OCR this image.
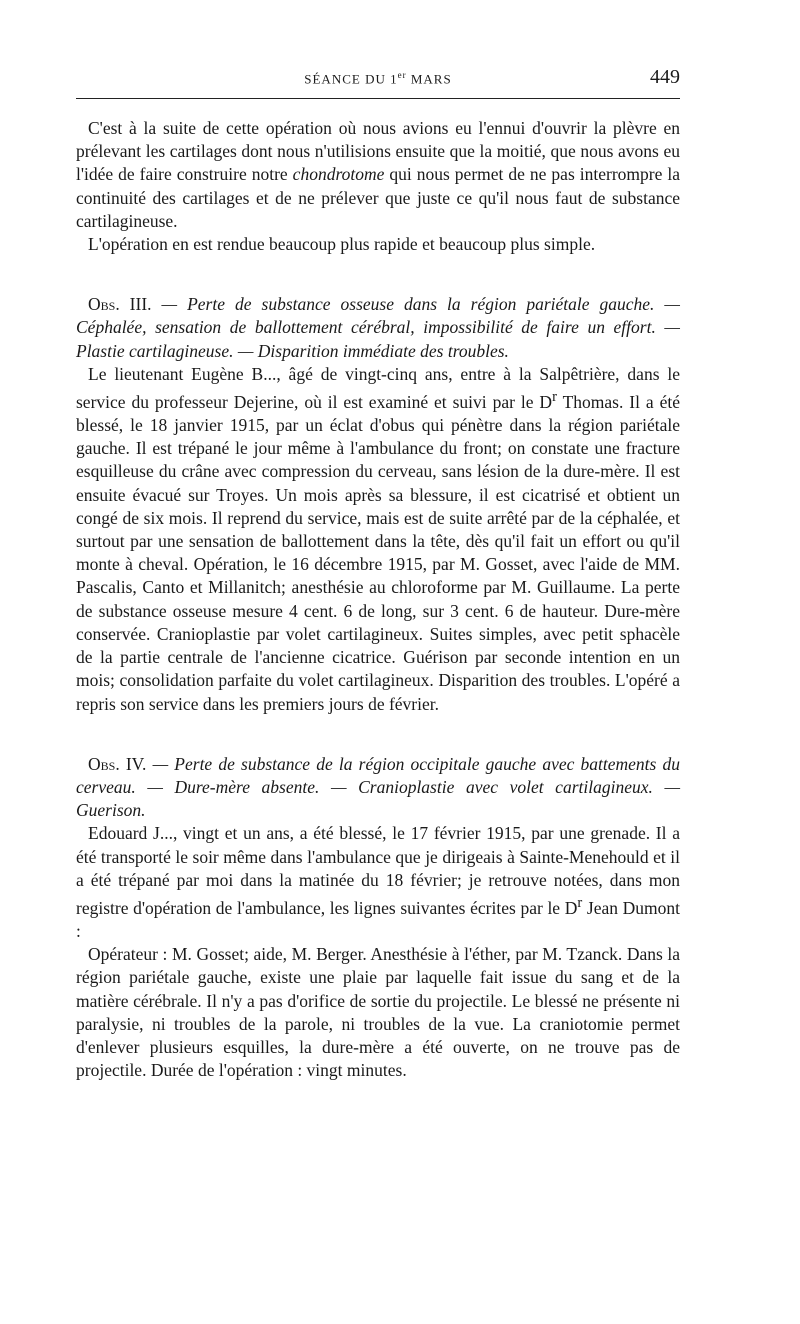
SÉANCE DU 1er MARS	449

C'est à la suite de cette opération où nous avions eu l'ennui d'ouvrir la plèvre en prélevant les cartilages dont nous n'utilisions ensuite que la moitié, que nous avons eu l'idée de faire construire notre chondrotome qui nous permet de ne pas interrompre la continuité des cartilages et de ne prélever que juste ce qu'il nous faut de substance cartilagineuse.

L'opération en est rendue beaucoup plus rapide et beaucoup plus simple.

Obs. III. — Perte de substance osseuse dans la région pariétale gauche. — Céphalée, sensation de ballottement cérébral, impossibilité de faire un effort. — Plastie cartilagineuse. — Disparition immédiate des troubles.

Le lieutenant Eugène B..., âgé de vingt-cinq ans, entre à la Salpêtrière, dans le service du professeur Dejerine, où il est examiné et suivi par le $D^r$ Thomas. Il a été blessé, le 18 janvier 1915, par un éclat d'obus qui pénètre dans la région pariétale gauche. Il est trépané le jour même à l'ambulance du front; on constate une fracture esquilleuse du crâne avec compression du cerveau, sans lésion de la dure-mère. Il est ensuite évacué sur Troyes. Un mois après sa blessure, il est cicatrisé et obtient un congé de six mois. Il reprend du service, mais est de suite arrêté par de la céphalée, et surtout par une sensation de ballottement dans la tête, dès qu'il fait un effort ou qu'il monte à cheval. Opération, le 16 décembre 1915, par M. Gosset, avec l'aide de MM. Pascalis, Canto et Millanitch; anesthésie au chloroforme par M. Guillaume. La perte de substance osseuse mesure 4 cent. 6 de long, sur 3 cent. 6 de hauteur. Dure-mère conservée. Cranioplastie par volet cartilagineux. Suites simples, avec petit sphacèle de la partie centrale de l'ancienne cicatrice. Guérison par seconde intention en un mois; consolidation parfaite du volet cartilagineux. Disparition des troubles. L'opéré a repris son service dans les premiers jours de février.

Obs. IV. — Perte de substance de la région occipitale gauche avec battements du cerveau. — Dure-mère absente. — Cranioplastie avec volet cartilagineux. — Guerison.

Edouard J..., vingt et un ans, a été blessé, le 17 février 1915, par une grenade. Il a été transporté le soir même dans l'ambulance que je dirigeais à Sainte-Menehould et il a été trépané par moi dans la matinée du 18 février; je retrouve notées, dans mon registre d'opération de l'ambulance, les lignes suivantes écrites par le $D^r$ Jean Dumont :

Opérateur : M. Gosset; aide, M. Berger. Anesthésie à l'éther, par M. Tzanck. Dans la région pariétale gauche, existe une plaie par laquelle fait issue du sang et de la matière cérébrale. Il n'y a pas d'orifice de sortie du projectile. Le blessé ne présente ni paralysie, ni troubles de la parole, ni troubles de la vue. La craniotomie permet d'enlever plusieurs esquilles, la dure-mère a été ouverte, on ne trouve pas de projectile. Durée de l'opération : vingt minutes.
